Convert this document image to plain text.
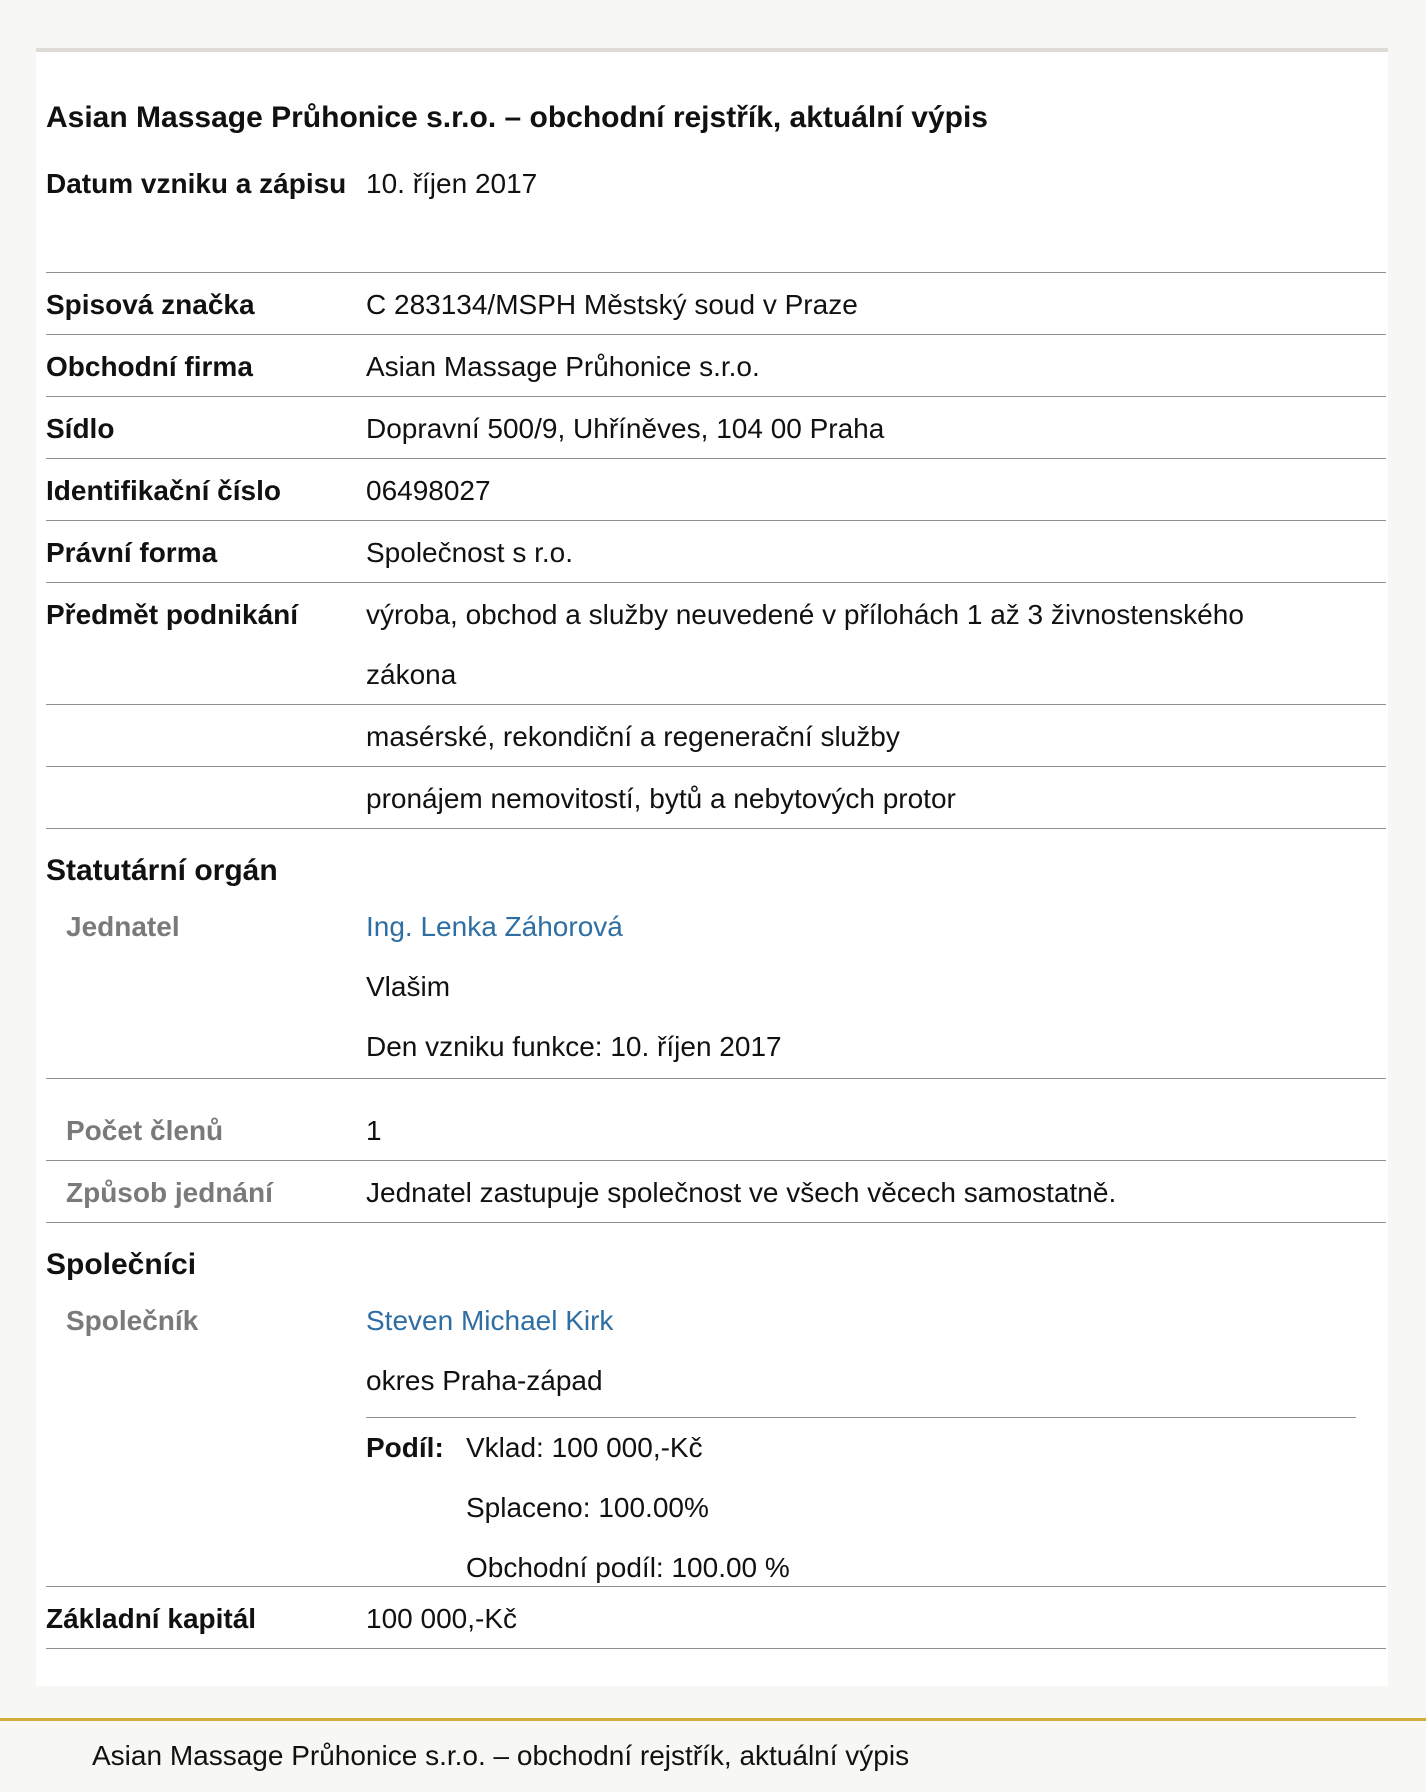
Asian Massage Průhonice s.r.o. – obchodní rejstřík, aktuální výpis
Datum vzniku a zápisu 10. říjen 2017
Spisová značka	C 283134/MSPH Městský soud v Praze
Obchodní firma	Asian Massage Průhonice s.r.o.
Sídlo	Dopravní 500/9, Uhříněves, 104 00 Praha
Identifikační číslo	06498027
Právní forma	Společnost s r.o.
Předmět podnikání	výroba, obchod a služby neuvedené v přílohách 1 až 3 živnostenského zákona
masérské, rekondiční a regenerační služby
pronájem nemovitostí, bytů a nebytových protor
Statutární orgán
Jednatel	Ing. Lenka Záhorová
Vlašim
Den vzniku funkce: 10. říjen 2017
Počet členů	1
Způsob jednání	Jednatel zastupuje společnost ve všech věcech samostatně.
Společníci
Společník	Steven Michael Kirk
okres Praha-západ
Podíl: Vklad: 100 000,-Kč
Splaceno: 100.00%
Obchodní podíl: 100.00 %
Základní kapitál	100 000,-Kč
Asian Massage Průhonice s.r.o. – obchodní rejstřík, aktuální výpis
